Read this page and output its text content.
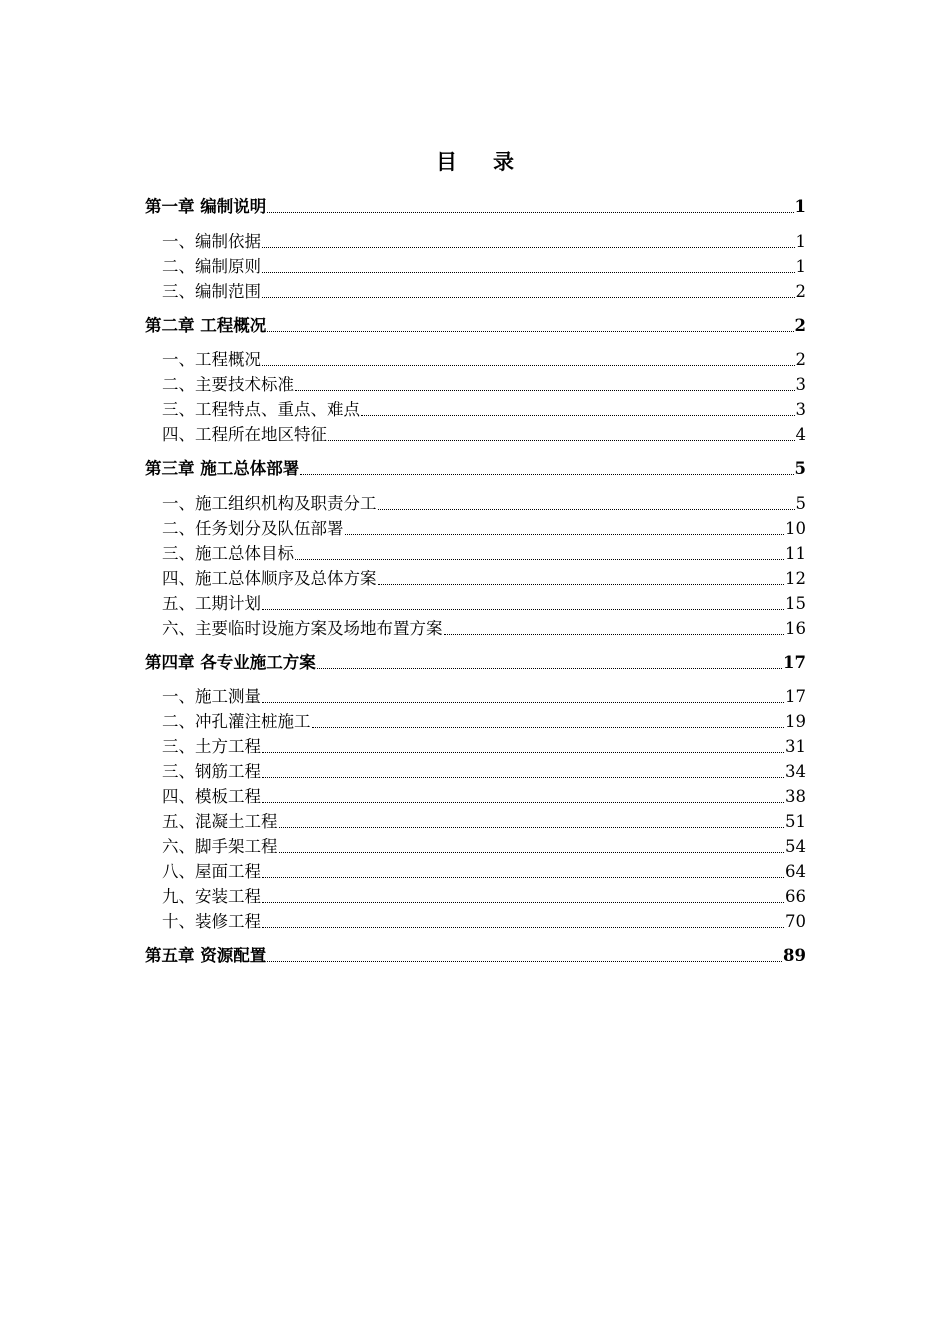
目 录
第一章 编制说明	1
一、编制依据	1
二、编制原则	1
三、编制范围	2
第二章 工程概况	2
一、工程概况	2
二、主要技术标准	3
三、工程特点、重点、难点	3
四、工程所在地区特征	4
第三章 施工总体部署	5
一、施工组织机构及职责分工	5
二、任务划分及队伍部署	10
三、施工总体目标	11
四、施工总体顺序及总体方案	12
五、工期计划	15
六、主要临时设施方案及场地布置方案	16
第四章 各专业施工方案	17
一、施工测量	17
二、冲孔灌注桩施工	19
三、土方工程	31
三、钢筋工程	34
四、模板工程	38
五、混凝土工程	51
六、脚手架工程	54
八、屋面工程	64
九、安装工程	66
十、装修工程	70
第五章 资源配置	89
